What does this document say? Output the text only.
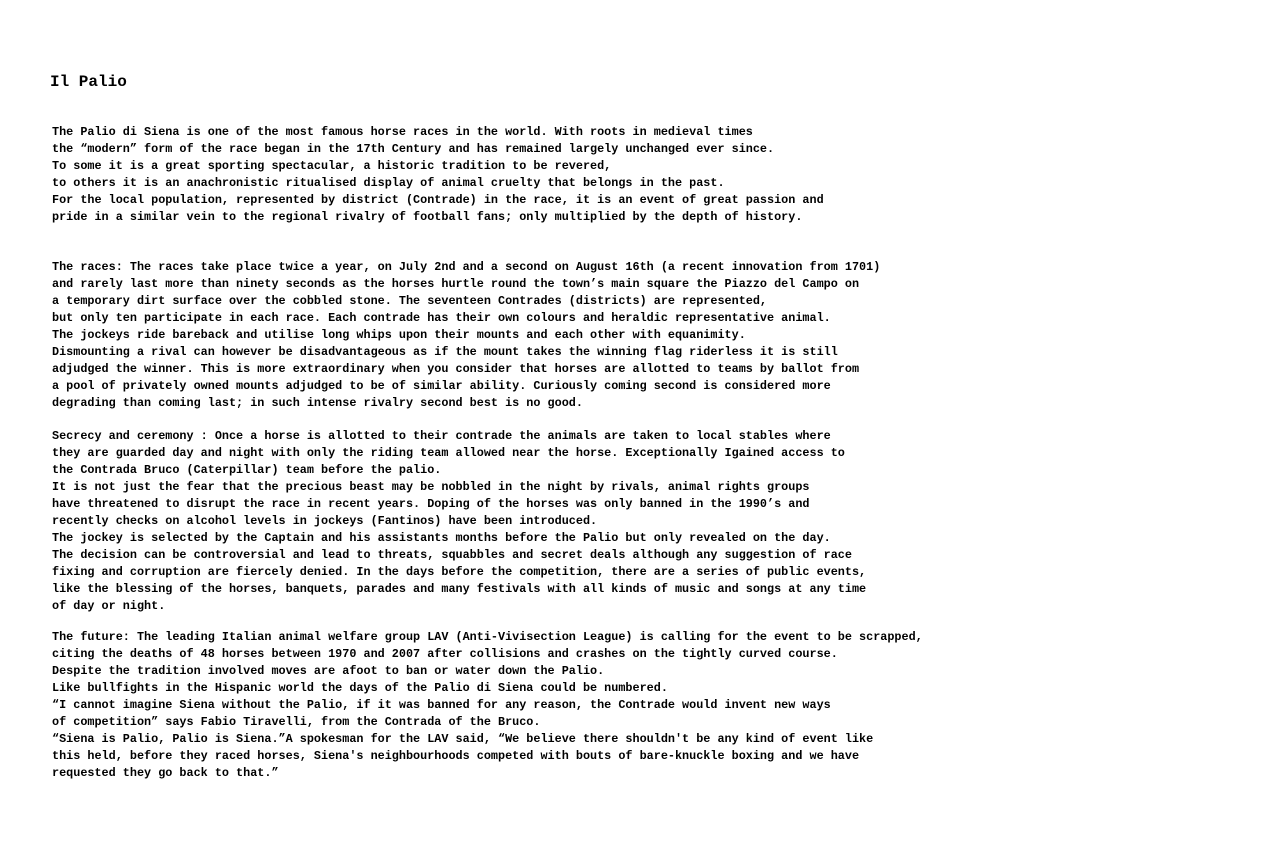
Il Palio
The Palio di Siena is one of the most famous horse races in the world. With roots in medieval times
the “modern” form of the race began in the 17th Century and has remained largely unchanged ever since.
To some it is a great sporting spectacular, a historic tradition to be revered,
to others it is an anachronistic ritualised display of animal cruelty that belongs in the past.
For the local population, represented by district (Contrade) in the race, it is an event of great passion and
pride in a similar vein to the regional rivalry of football fans; only multiplied by the depth of history.
The races: The races take place twice a year, on July 2nd and a second on August 16th (a recent innovation from 1701)
and rarely last more than ninety seconds as the horses hurtle round the town’s main square the Piazzo del Campo on
a temporary dirt surface over the cobbled stone. The seventeen Contrades (districts) are represented,
but only ten participate in each race. Each contrade has their own colours and heraldic representative animal.
The jockeys ride bareback and utilise long whips upon their mounts and each other with equanimity.
Dismounting a rival can however be disadvantageous as if the mount takes the winning flag riderless it is still
adjudged the winner. This is more extraordinary when you consider that horses are allotted to teams by ballot from
a pool of privately owned mounts adjudged to be of similar ability. Curiously coming second is considered more
degrading than coming last; in such intense rivalry second best is no good.
Secrecy and ceremony : Once a horse is allotted to their contrade the animals are taken to local stables where
they are guarded day and night with only the riding team allowed near the horse. Exceptionally Igained access to
the Contrada Bruco (Caterpillar) team before the palio.
It is not just the fear that the precious beast may be nobbled in the night by rivals, animal rights groups
have threatened to disrupt the race in recent years. Doping of the horses was only banned in the 1990’s and
recently checks on alcohol levels in jockeys (Fantinos) have been introduced.
The jockey is selected by the Captain and his assistants months before the Palio but only revealed on the day.
The decision can be controversial and lead to threats, squabbles and secret deals although any suggestion of race
fixing and corruption are fiercely denied. In the days before the competition, there are a series of public events,
like the blessing of the horses, banquets, parades and many festivals with all kinds of music and songs at any time
of day or night.
The future: The leading Italian animal welfare group LAV (Anti-Vivisection League) is calling for the event to be scrapped,
citing the deaths of 48 horses between 1970 and 2007 after collisions and crashes on the tightly curved course.
Despite the tradition involved moves are afoot to ban or water down the Palio.
Like bullfights in the Hispanic world the days of the Palio di Siena could be numbered.
“I cannot imagine Siena without the Palio, if it was banned for any reason, the Contrade would invent new ways
of competition” says Fabio Tiravelli, from the Contrada of the Bruco.
“Siena is Palio, Palio is Siena.”A spokesman for the LAV said, “We believe there shouldn't be any kind of event like
this held, before they raced horses, Siena's neighbourhoods competed with bouts of bare-knuckle boxing and we have
requested they go back to that.”
